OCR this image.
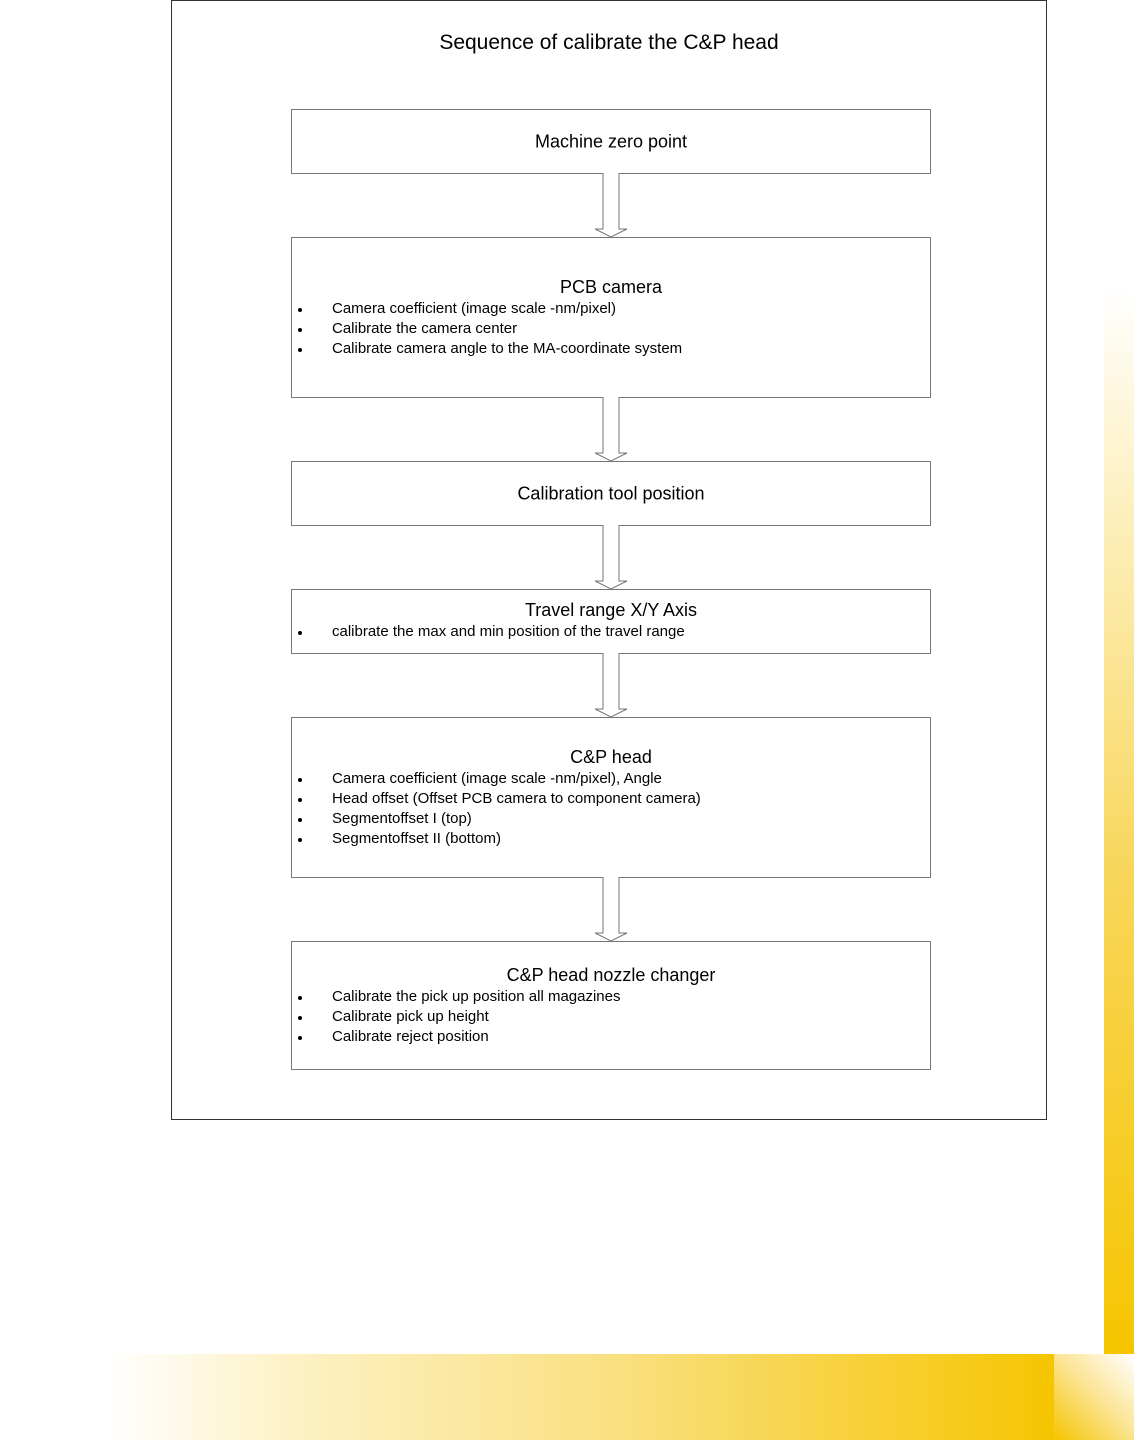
Sequence of calibrate the C&P head
Machine zero point
PCB camera
Camera coefficient (image scale -nm/pixel)
Calibrate the camera center
Calibrate camera angle to the MA-coordinate system
Calibration tool position
Travel range X/Y Axis
calibrate the max and min position of the travel range
C&P head
Camera coefficient (image scale -nm/pixel), Angle
Head offset (Offset PCB camera to component camera)
Segmentoffset I (top)
Segmentoffset II (bottom)
C&P head nozzle changer
Calibrate the pick up position all magazines
Calibrate pick up height
Calibrate reject position
